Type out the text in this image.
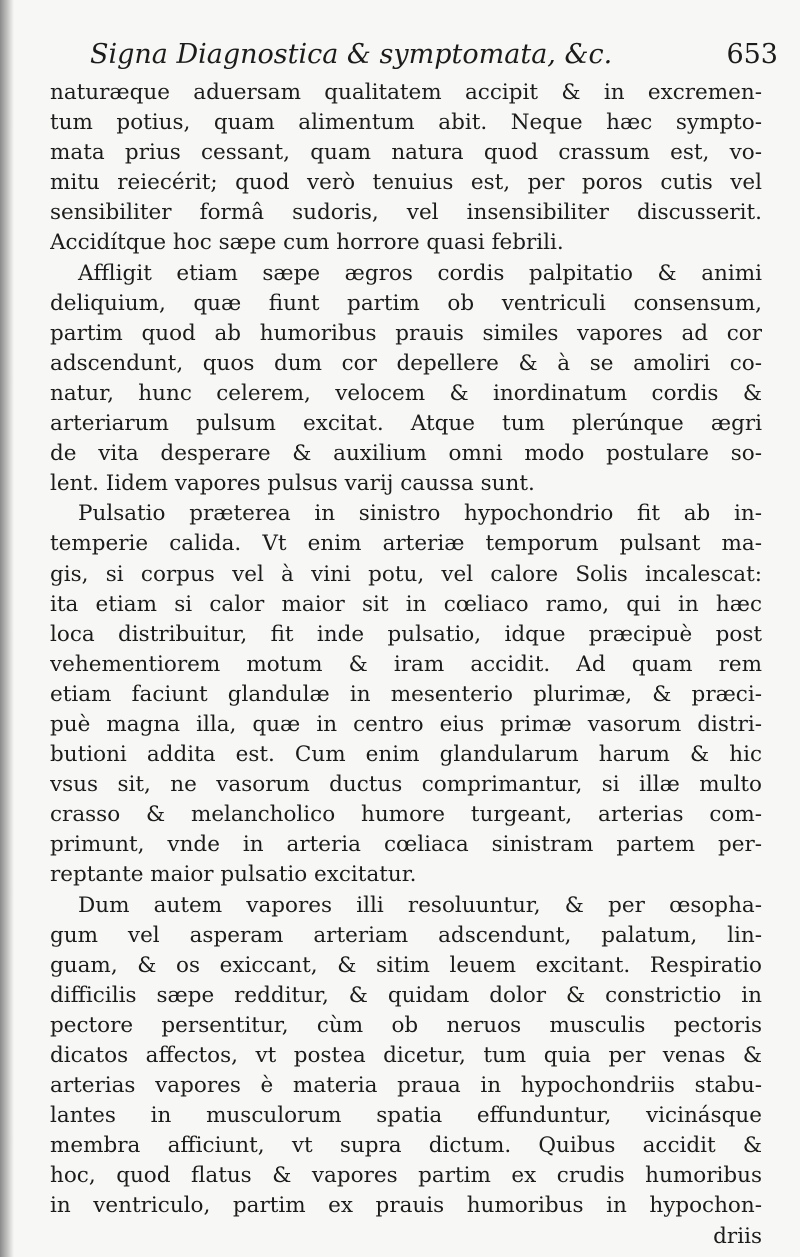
Signa Diagnostica & symptomata, &c.	653
naturæque aduersam qualitatem accipit & in excremen-
tum potius, quam alimentum abit. Neque hæc sympto-
mata prius cessant, quam natura quod crassum est, vo-
mitu reiecérit; quod verò tenuius est, per poros cutis vel
sensibiliter formâ sudoris, vel insensibiliter discusserit.
Accidítque hoc sæpe cum horrore quasi febrili.
Affligit etiam sæpe ægros cordis palpitatio & animi
deliquium, quæ fiunt partim ob ventriculi consensum,
partim quod ab humoribus prauis similes vapores ad cor
adscendunt, quos dum cor depellere & à se amoliri co-
natur, hunc celerem, velocem & inordinatum cordis &
arteriarum pulsum excitat. Atque tum plerúnque ægri
de vita desperare & auxilium omni modo postulare so-
lent. Iidem vapores pulsus varij caussa sunt.
Pulsatio præterea in sinistro hypochondrio fit ab in-
temperie calida. Vt enim arteriæ temporum pulsant ma-
gis, si corpus vel à vini potu, vel calore Solis incalescat:
ita etiam si calor maior sit in cœliaco ramo, qui in hæc
loca distribuitur, fit inde pulsatio, idque præcipuè post
vehementiorem motum & iram accidit. Ad quam rem
etiam faciunt glandulæ in mesenterio plurimæ, & præci-
puè magna illa, quæ in centro eius primæ vasorum distri-
butioni addita est. Cum enim glandularum harum & hic
vsus sit, ne vasorum ductus comprimantur, si illæ multo
crasso & melancholico humore turgeant, arterias com-
primunt, vnde in arteria cœliaca sinistram partem per-
reptante maior pulsatio excitatur.
Dum autem vapores illi resoluuntur, & per œsopha-
gum vel asperam arteriam adscendunt, palatum, lin-
guam, & os exiccant, & sitim leuem excitant. Respiratio
difficilis sæpe redditur, & quidam dolor & constrictio in
pectore persentitur, cùm ob neruos musculis pectoris
dicatos affectos, vt postea dicetur, tum quia per venas &
arterias vapores è materia praua in hypochondriis stabu-
lantes in musculorum spatia effunduntur, vicinásque
membra afficiunt, vt supra dictum. Quibus accidit &
hoc, quod flatus & vapores partim ex crudis humoribus
in ventriculo, partim ex prauis humoribus in hypochon-
driis
